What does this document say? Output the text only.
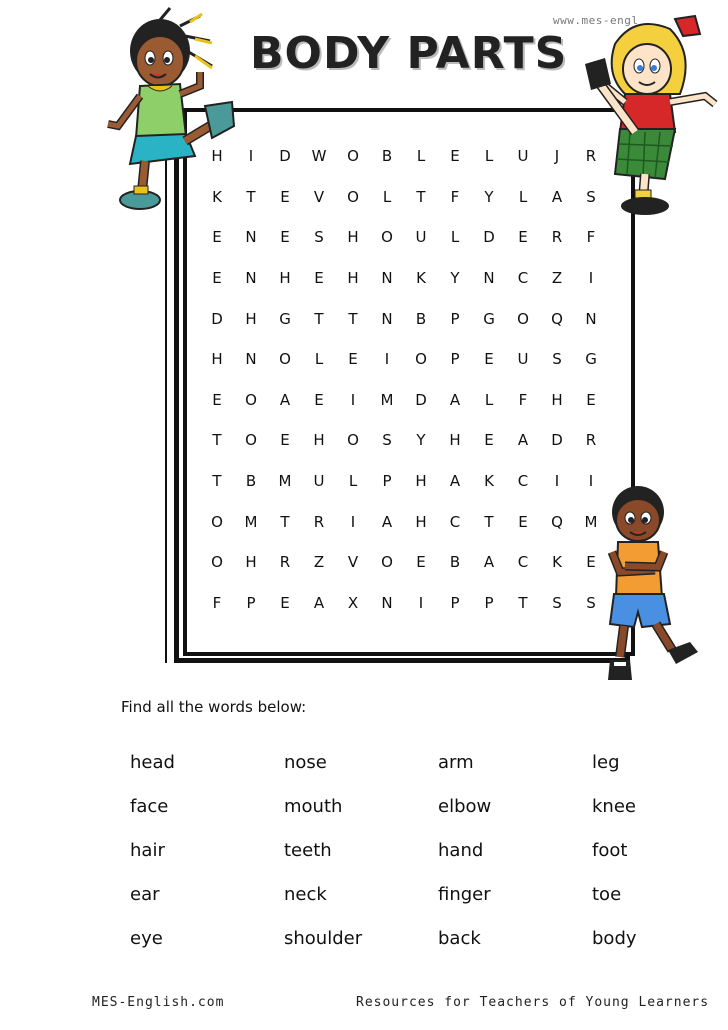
www.mes-engl
BODY PARTS
H	I	D	W	O	B	L	E	L	U	J	R
K	T	E	V	O	L	T	F	Y	L	A	S
E	N	E	S	H	O	U	L	D	E	R	F
E	N	H	E	H	N	K	Y	N	C	Z	I
D	H	G	T	T	N	B	P	G	O	Q	N
H	N	O	L	E	I	O	P	E	U	S	G
E	O	A	E	I	M	D	A	L	F	H	E
T	O	E	H	O	S	Y	H	E	A	D	R
T	B	M	U	L	P	H	A	K	C	I	I
O	M	T	R	I	A	H	C	T	E	Q	M
O	H	R	Z	V	O	E	B	A	C	K	E
F	P	E	A	X	N	I	P	P	T	S	S
Find all the words below:
head	nose	arm	leg
face	mouth	elbow	knee
hair	teeth	hand	foot
ear	neck	finger	toe
eye	shoulder	back	body
MES-English.com	Resources for Teachers of Young Learners
